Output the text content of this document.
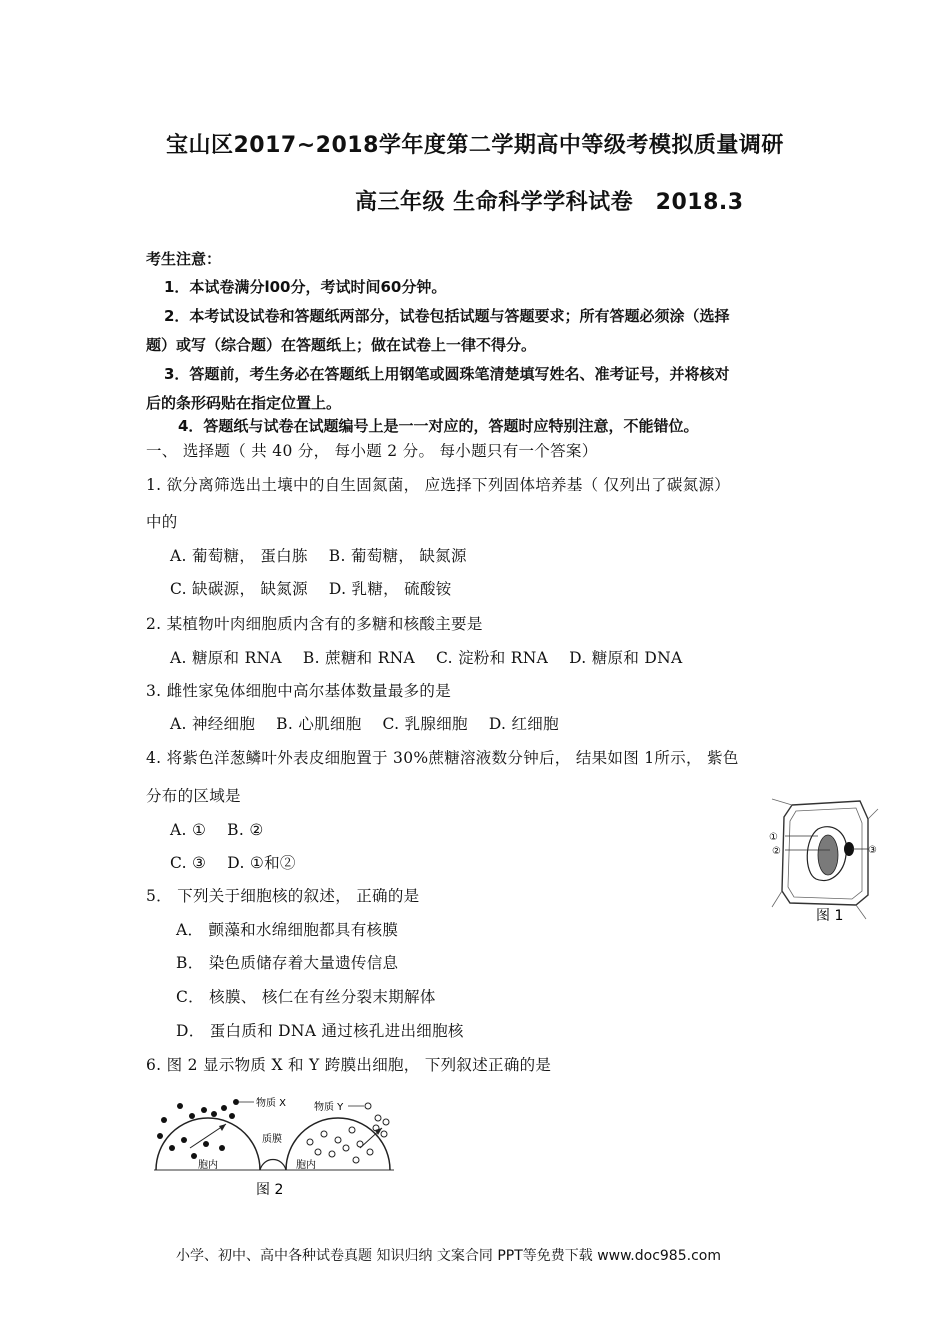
宝山区2017~2018学年度第二学期高中等级考模拟质量调研
高三年级 生命科学学科试卷　2018.3
考生注意：
1．本试卷满分l00分，考试时间60分钟。
2．本考试设试卷和答题纸两部分，试卷包括试题与答题要求；所有答题必须涂（选择
题）或写（综合题）在答题纸上；做在试卷上一律不得分。
3．答题前，考生务必在答题纸上用钢笔或圆珠笔清楚填写姓名、准考证号，并将核对
后的条形码贴在指定位置上。
4．答题纸与试卷在试题编号上是一一对应的，答题时应特别注意，不能错位。
一、 选择题（ 共 40 分， 每小题 2 分。 每小题只有一个答案）
1. 欲分离筛选出土壤中的自生固氮菌， 应选择下列固体培养基（ 仅列出了碳氮源）
中的
A. 葡萄糖， 蛋白胨　 B. 葡萄糖， 缺氮源
C. 缺碳源， 缺氮源　 D. 乳糖， 硫酸铵
2. 某植物叶肉细胞质内含有的多糖和核酸主要是
A. 糖原和 RNA　 B. 蔗糖和 RNA　 C. 淀粉和 RNA　 D. 糖原和 DNA
3. 雌性家兔体细胞中高尔基体数量最多的是
A. 神经细胞　 B. 心肌细胞　 C. 乳腺细胞　 D. 红细胞
4. 将紫色洋葱鳞叶外表皮细胞置于 30%蔗糖溶液数分钟后， 结果如图 1所示， 紫色
分布的区域是
A. ①　 B. ②
C. ③　 D. ①和②
①
②	③
图 1
5． 下列关于细胞核的叙述， 正确的是
A． 颤藻和水绵细胞都具有核膜
B． 染色质储存着大量遗传信息
C． 核膜、 核仁在有丝分裂末期解体
D． 蛋白质和 DNA 通过核孔进出细胞核
6. 图 2 显示物质 X 和 Y 跨膜出细胞， 下列叙述正确的是
物质 X	物质 Y
质膜
胞内	胞内
图 2
小学、初中、高中各种试卷真题 知识归纳 文案合同 PPT等免费下载 www.doc985.com
